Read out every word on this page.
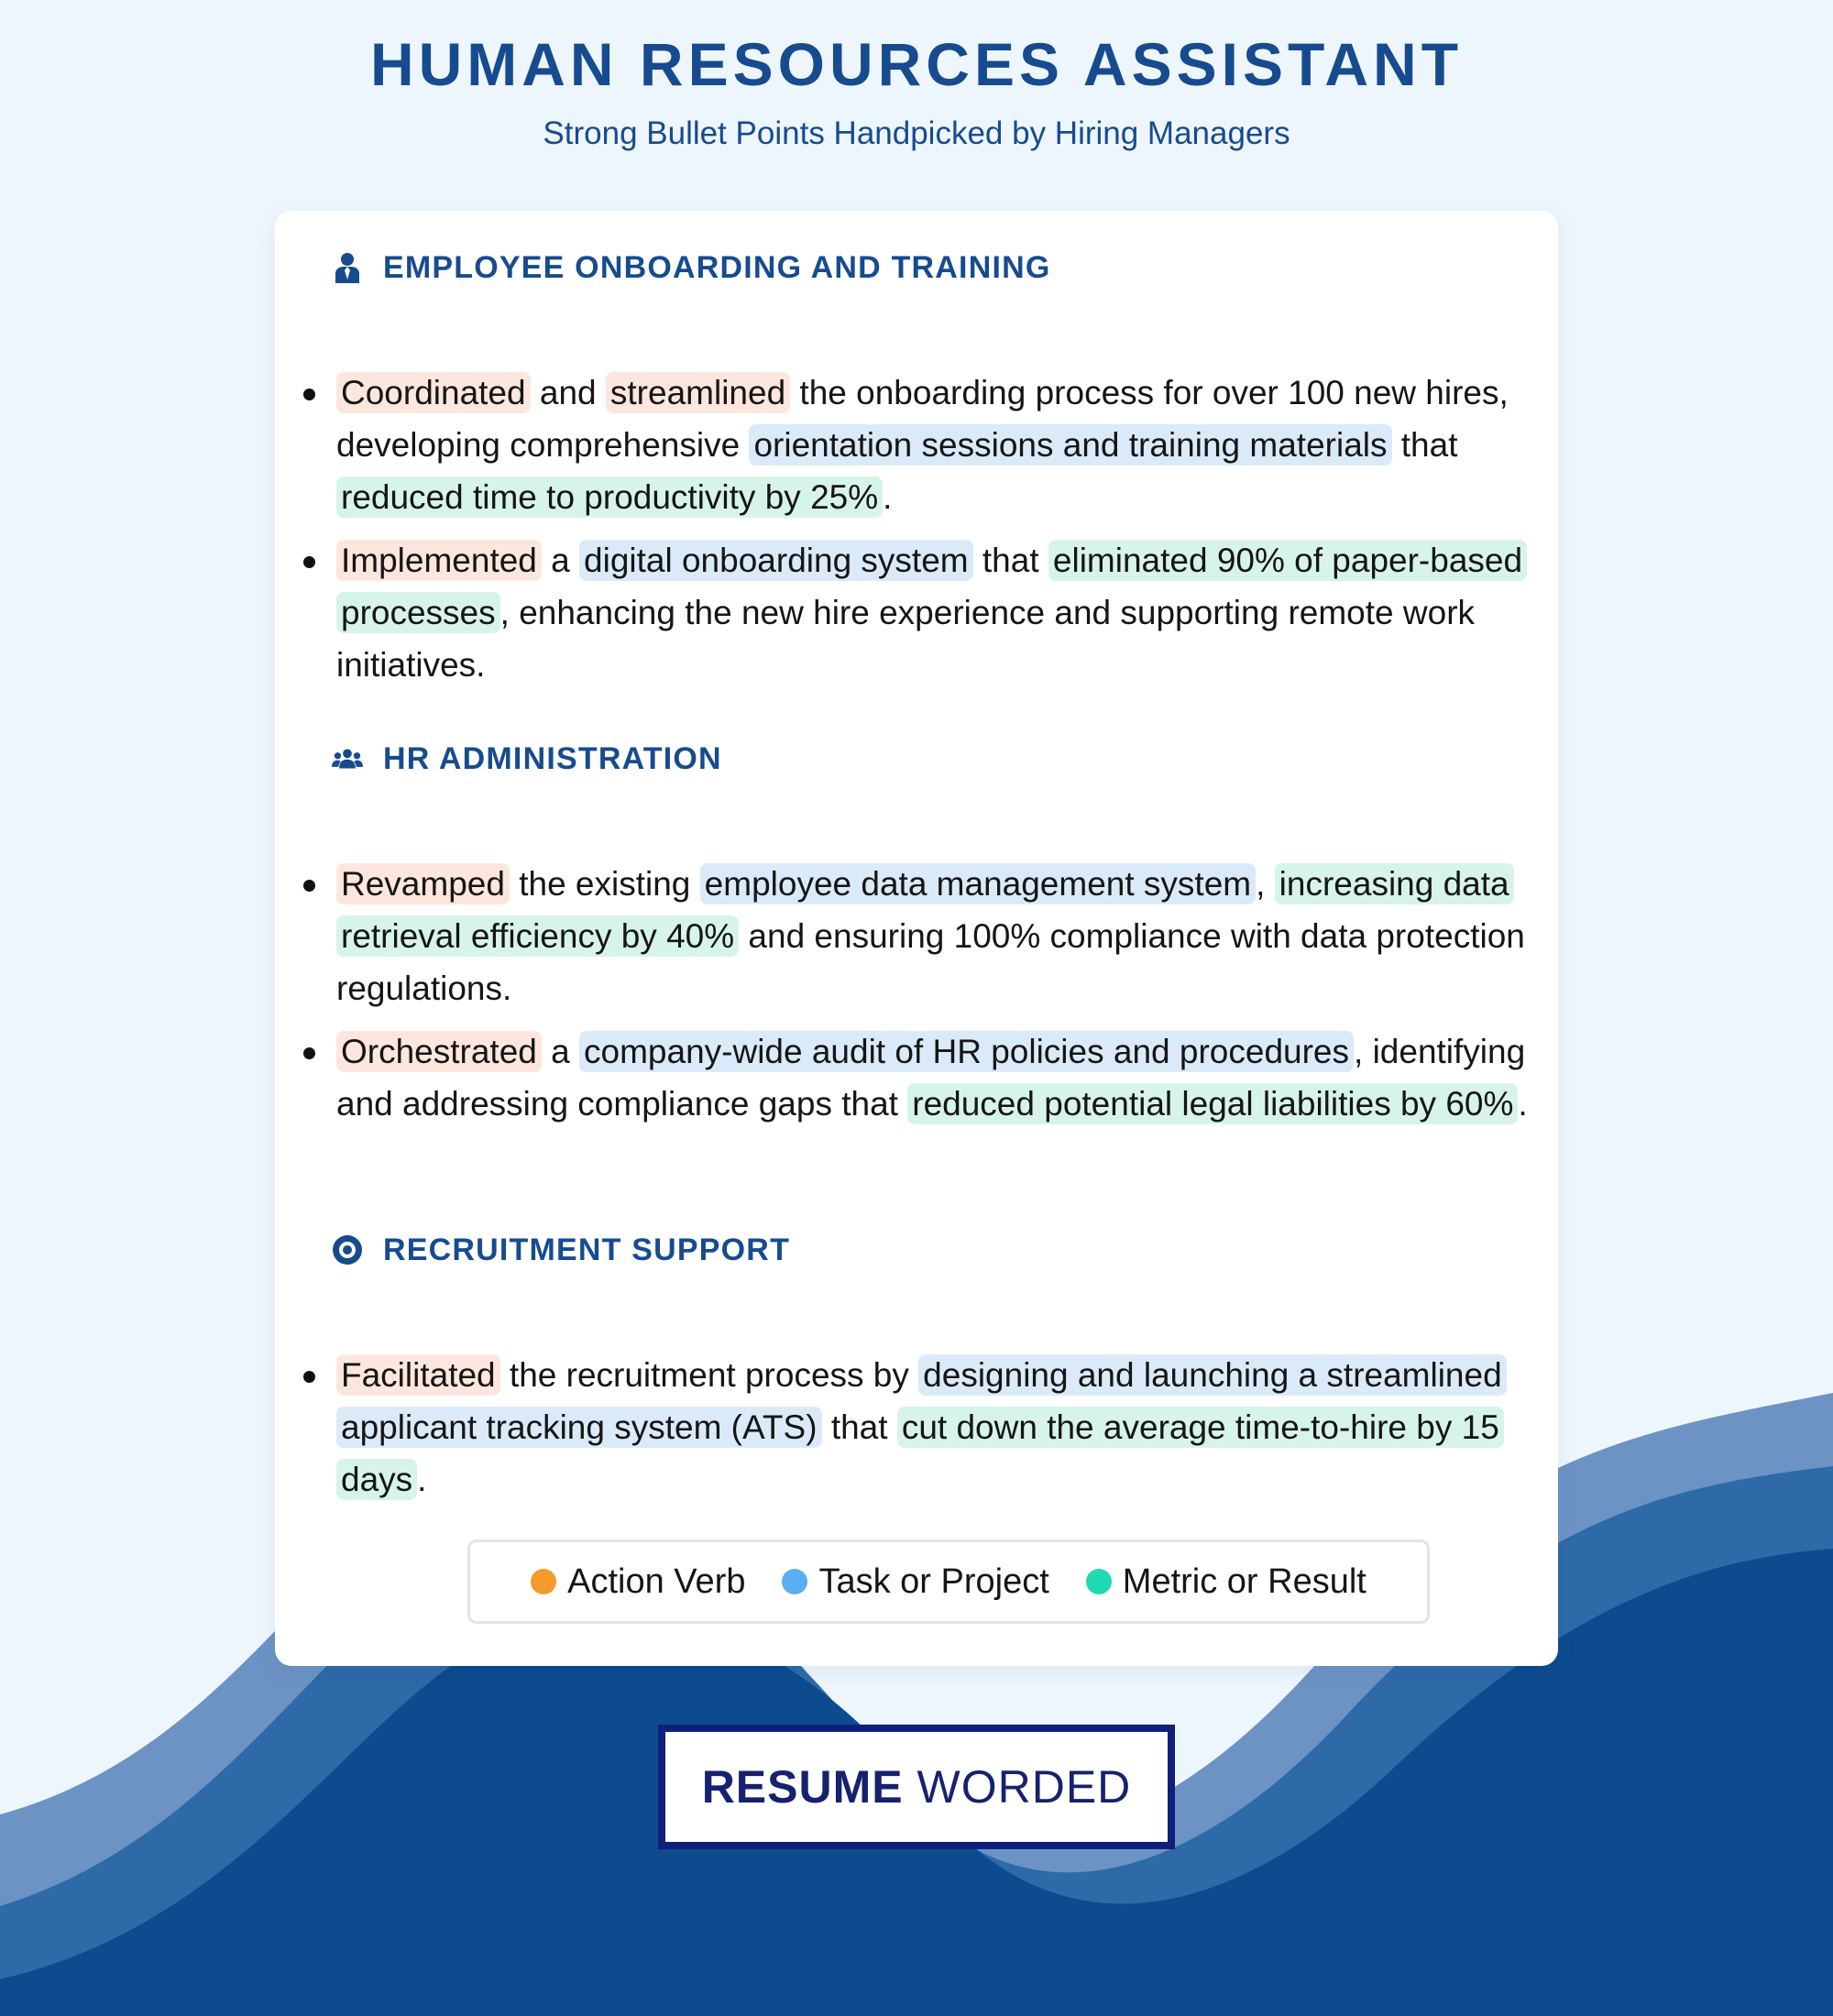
HUMAN RESOURCES ASSISTANT
Strong Bullet Points Handpicked by Hiring Managers
EMPLOYEE ONBOARDING AND TRAINING
Coordinated and streamlined the onboarding process for over 100 new hires, developing comprehensive orientation sessions and training materials that reduced time to productivity by 25% .
Implemented a digital onboarding system that eliminated 90% of paper-based processes , enhancing the new hire experience and supporting remote work initiatives.
HR ADMINISTRATION
Revamped the existing employee data management system , increasing data retrieval efficiency by 40% and ensuring 100% compliance with data protection regulations.
Orchestrated a company-wide audit of HR policies and procedures , identifying and addressing compliance gaps that reduced potential legal liabilities by 60% .
RECRUITMENT SUPPORT
Facilitated the recruitment process by designing and launching a streamlined applicant tracking system (ATS) that cut down the average time-to-hire by 15 days .
Action Verb Task or Project Metric or Result
RESUME WORDED
